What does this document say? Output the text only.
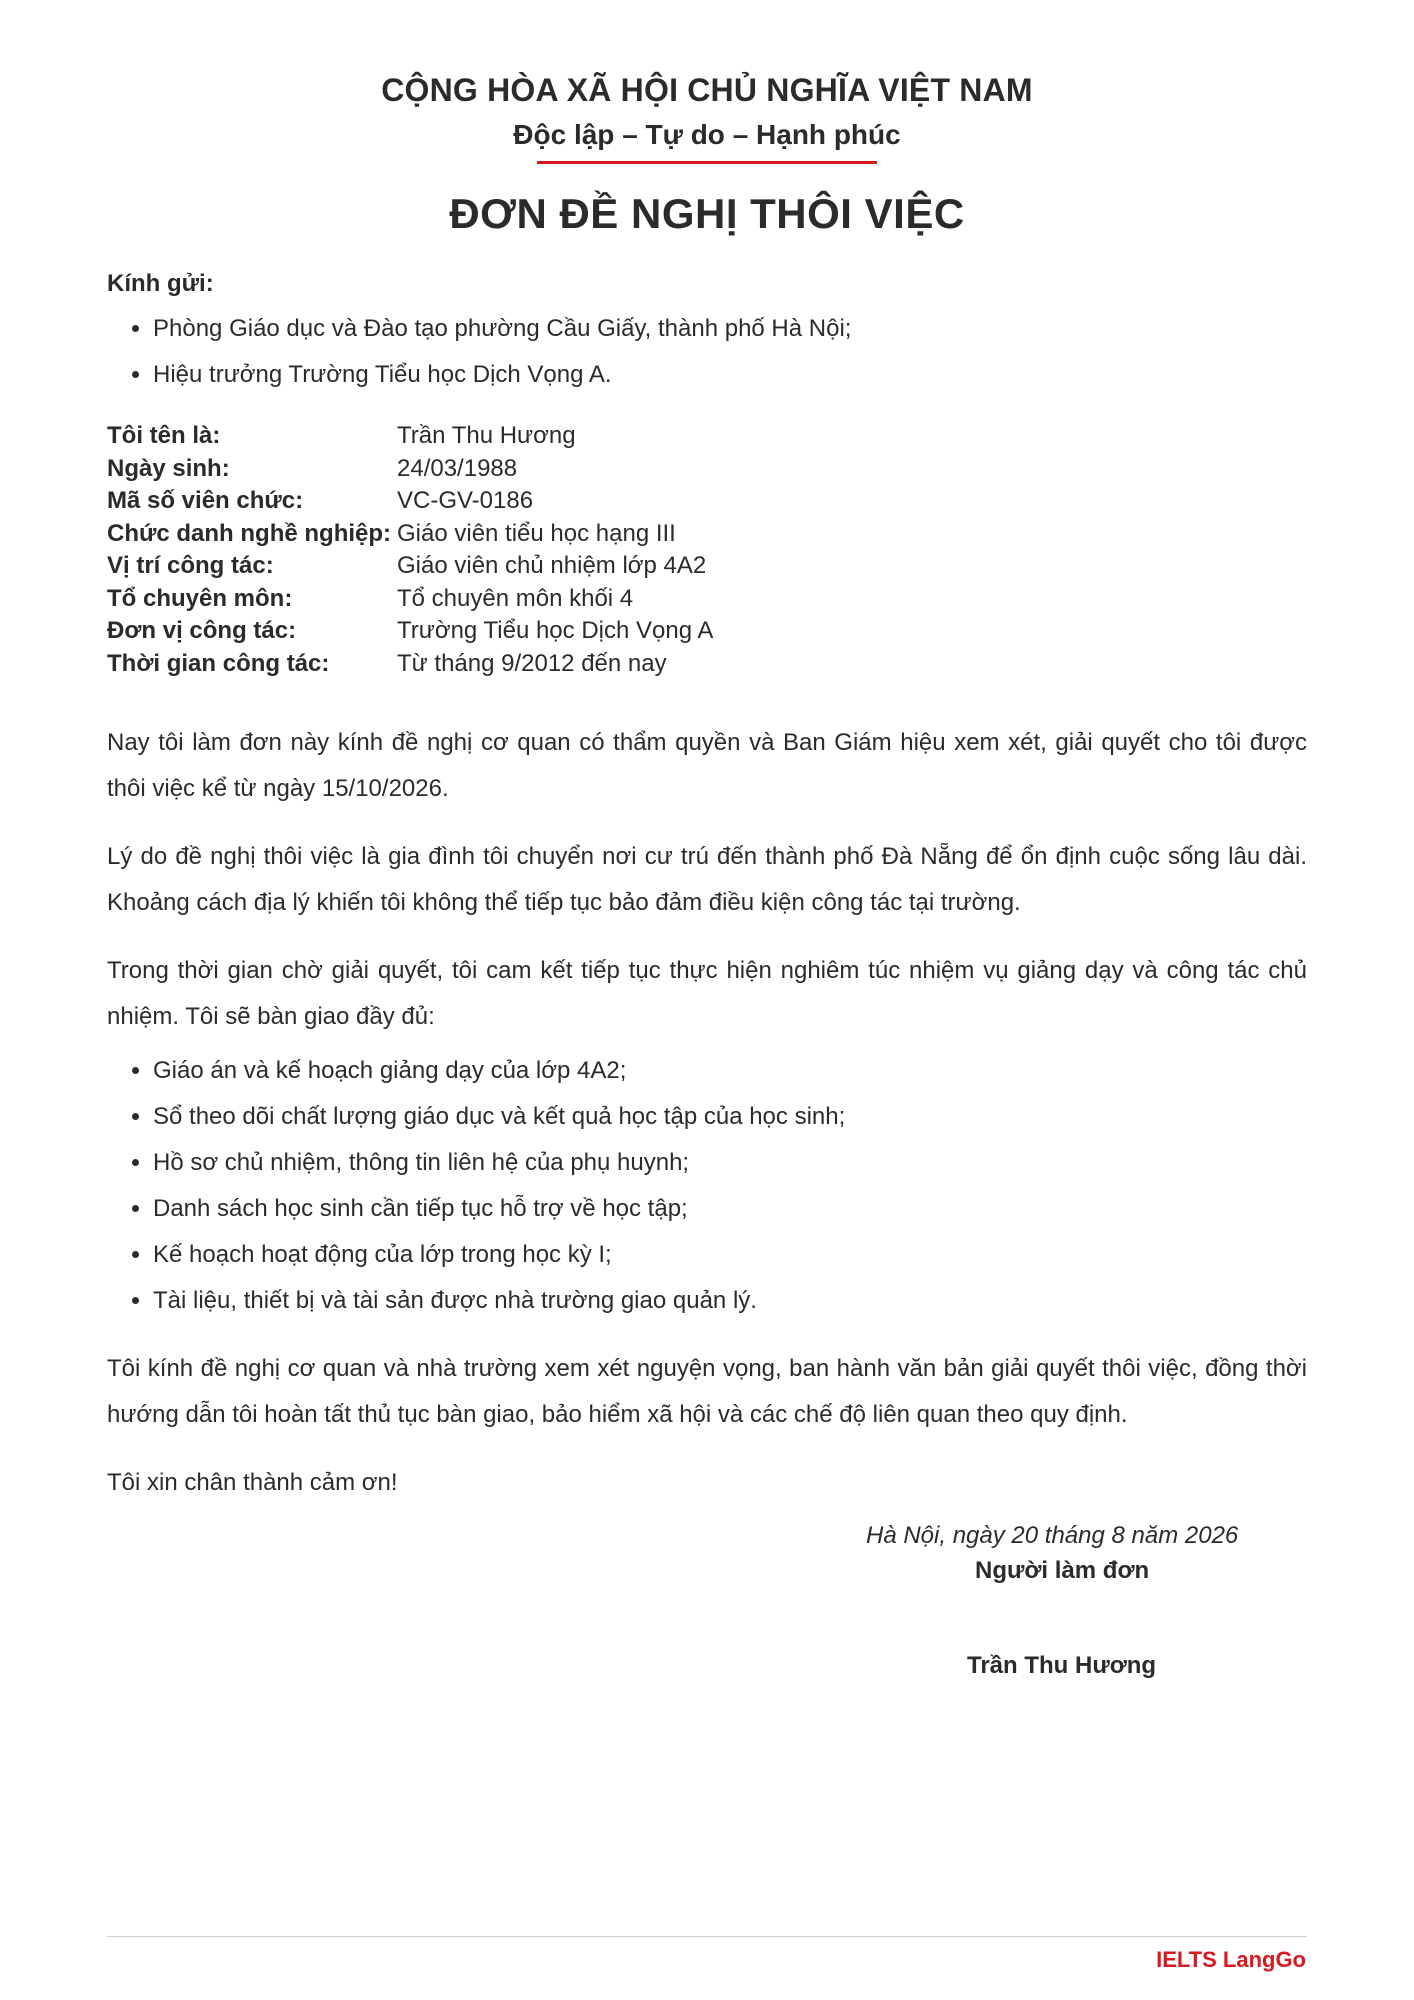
CỘNG HÒA XÃ HỘI CHỦ NGHĨA VIỆT NAM
Độc lập – Tự do – Hạnh phúc
ĐƠN ĐỀ NGHỊ THÔI VIỆC
Kính gửi:
• Phòng Giáo dục và Đào tạo phường Cầu Giấy, thành phố Hà Nội;
• Hiệu trưởng Trường Tiểu học Dịch Vọng A.
Tôi tên là:	Trần Thu Hương
Ngày sinh:	24/03/1988
Mã số viên chức:	VC-GV-0186
Chức danh nghề nghiệp: Giáo viên tiểu học hạng III
Vị trí công tác:	Giáo viên chủ nhiệm lớp 4A2
Tổ chuyên môn:	Tổ chuyên môn khối 4
Đơn vị công tác:	Trường Tiểu học Dịch Vọng A
Thời gian công tác:	Từ tháng 9/2012 đến nay

Nay tôi làm đơn này kính đề nghị cơ quan có thẩm quyền và Ban Giám hiệu xem xét, giải quyết cho tôi được thôi việc kể từ ngày 15/10/2026.

Lý do đề nghị thôi việc là gia đình tôi chuyển nơi cư trú đến thành phố Đà Nẵng để ổn định cuộc sống lâu dài. Khoảng cách địa lý khiến tôi không thể tiếp tục bảo đảm điều kiện công tác tại trường.

Trong thời gian chờ giải quyết, tôi cam kết tiếp tục thực hiện nghiêm túc nhiệm vụ giảng dạy và công tác chủ nhiệm. Tôi sẽ bàn giao đầy đủ:

• Giáo án và kế hoạch giảng dạy của lớp 4A2;
• Sổ theo dõi chất lượng giáo dục và kết quả học tập của học sinh;
• Hồ sơ chủ nhiệm, thông tin liên hệ của phụ huynh;
• Danh sách học sinh cần tiếp tục hỗ trợ về học tập;
• Kế hoạch hoạt động của lớp trong học kỳ I;
• Tài liệu, thiết bị và tài sản được nhà trường giao quản lý.

Tôi kính đề nghị cơ quan và nhà trường xem xét nguyện vọng, ban hành văn bản giải quyết thôi việc, đồng thời hướng dẫn tôi hoàn tất thủ tục bàn giao, bảo hiểm xã hội và các chế độ liên quan theo quy định.

Tôi xin chân thành cảm ơn!

Hà Nội, ngày 20 tháng 8 năm 2026
Người làm đơn
Trần Thu Hương
IELTS LangGo
